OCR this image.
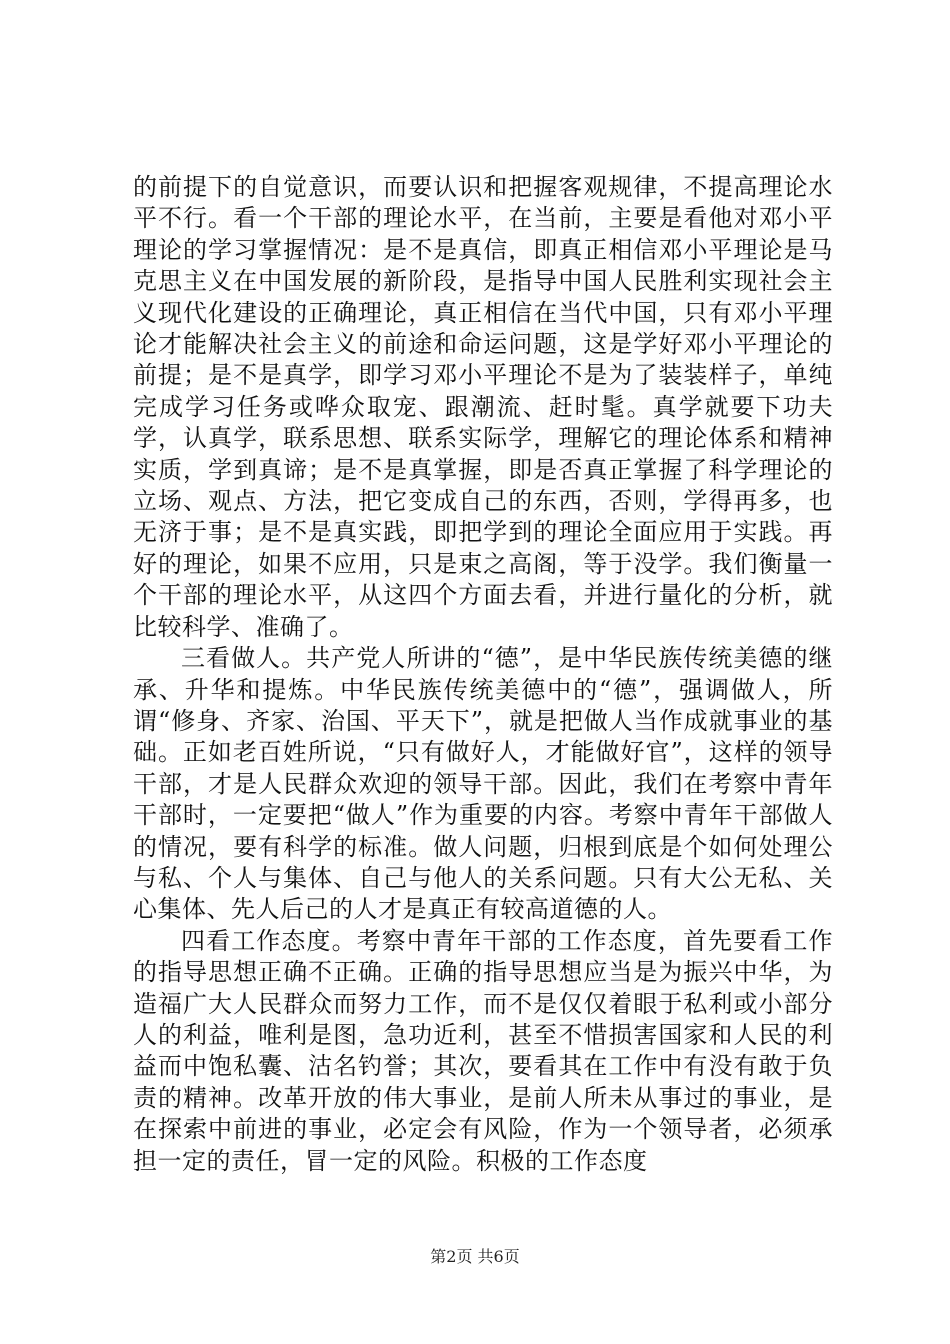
的前提下的自觉意识，而要认识和把握客观规律，不提高理论水平不行。看一个干部的理论水平，在当前，主要是看他对邓小平理论的学习掌握情况：是不是真信，即真正相信邓小平理论是马克思主义在中国发展的新阶段，是指导中国人民胜利实现社会主义现代化建设的正确理论，真正相信在当代中国，只有邓小平理论才能解决社会主义的前途和命运问题，这是学好邓小平理论的前提；是不是真学，即学习邓小平理论不是为了装装样子，单纯完成学习任务或哗众取宠、跟潮流、赶时髦。真学就要下功夫学，认真学，联系思想、联系实际学，理解它的理论体系和精神实质，学到真谛；是不是真掌握，即是否真正掌握了科学理论的立场、观点、方法，把它变成自己的东西，否则，学得再多，也无济于事；是不是真实践，即把学到的理论全面应用于实践。再好的理论，如果不应用，只是束之高阁，等于没学。我们衡量一个干部的理论水平，从这四个方面去看，并进行量化的分析，就比较科学、准确了。

三看做人。共产党人所讲的“德”，是中华民族传统美德的继承、升华和提炼。中华民族传统美德中的“德”，强调做人，所谓“修身、齐家、治国、平天下”，就是把做人当作成就事业的基础。正如老百姓所说，“只有做好人，才能做好官”，这样的领导干部，才是人民群众欢迎的领导干部。因此，我们在考察中青年干部时，一定要把“做人”作为重要的内容。考察中青年干部做人的情况，要有科学的标准。做人问题，归根到底是个如何处理公与私、个人与集体、自己与他人的关系问题。只有大公无私、关心集体、先人后己的人才是真正有较高道德的人。

四看工作态度。考察中青年干部的工作态度，首先要看工作的指导思想正确不正确。正确的指导思想应当是为振兴中华，为造福广大人民群众而努力工作，而不是仅仅着眼于私利或小部分人的利益，唯利是图，急功近利，甚至不惜损害国家和人民的利益而中饱私囊、沽名钓誉；其次，要看其在工作中有没有敢于负责的精神。改革开放的伟大事业，是前人所未从事过的事业，是在探索中前进的事业，必定会有风险，作为一个领导者，必须承担一定的责任，冒一定的风险。积极的工作态度

第2页 共6页
